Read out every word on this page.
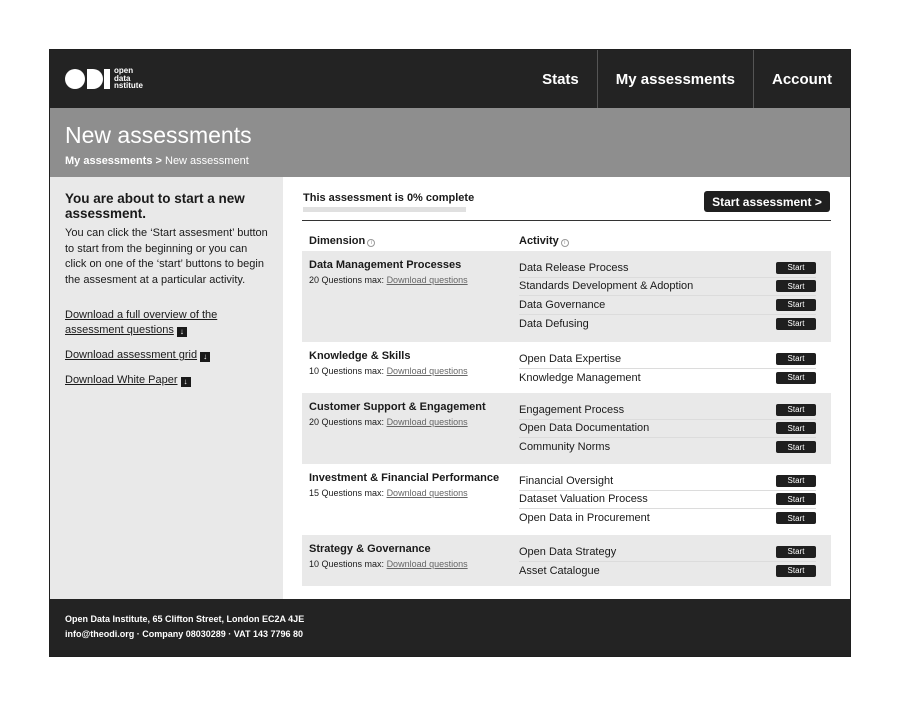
open
data
nstitute	Stats	My assessments	Account
New assessments
My assessments > New assessment
You are about to start a new assessment.
You can click the ‘Start assesment’ button to start from the beginning or you can click on one of the ‘start’ buttons to begin the assesment at a particular activity.
Download a full overview of the assessment questions ↓
Download assessment grid ↓
Download White Paper ↓
This assessment is 0% complete	Start assessment >
Dimension i	Activity i
Data Management Processes
20 Questions max: Download questions
Data Release Process	Start
Standards Development & Adoption	Start
Data Governance	Start
Data Defusing	Start
Knowledge & Skills
10 Questions max: Download questions
Open Data Expertise	Start
Knowledge Management	Start
Customer Support & Engagement
20 Questions max: Download questions
Engagement Process	Start
Open Data Documentation	Start
Community Norms	Start
Investment & Financial Performance
15 Questions max: Download questions
Financial Oversight	Start
Dataset Valuation Process	Start
Open Data in Procurement	Start
Strategy & Governance
10 Questions max: Download questions
Open Data Strategy	Start
Asset Catalogue	Start
Open Data Institute, 65 Clifton Street, London EC2A 4JE
info@theodi.org · Company 08030289 · VAT 143 7796 80
